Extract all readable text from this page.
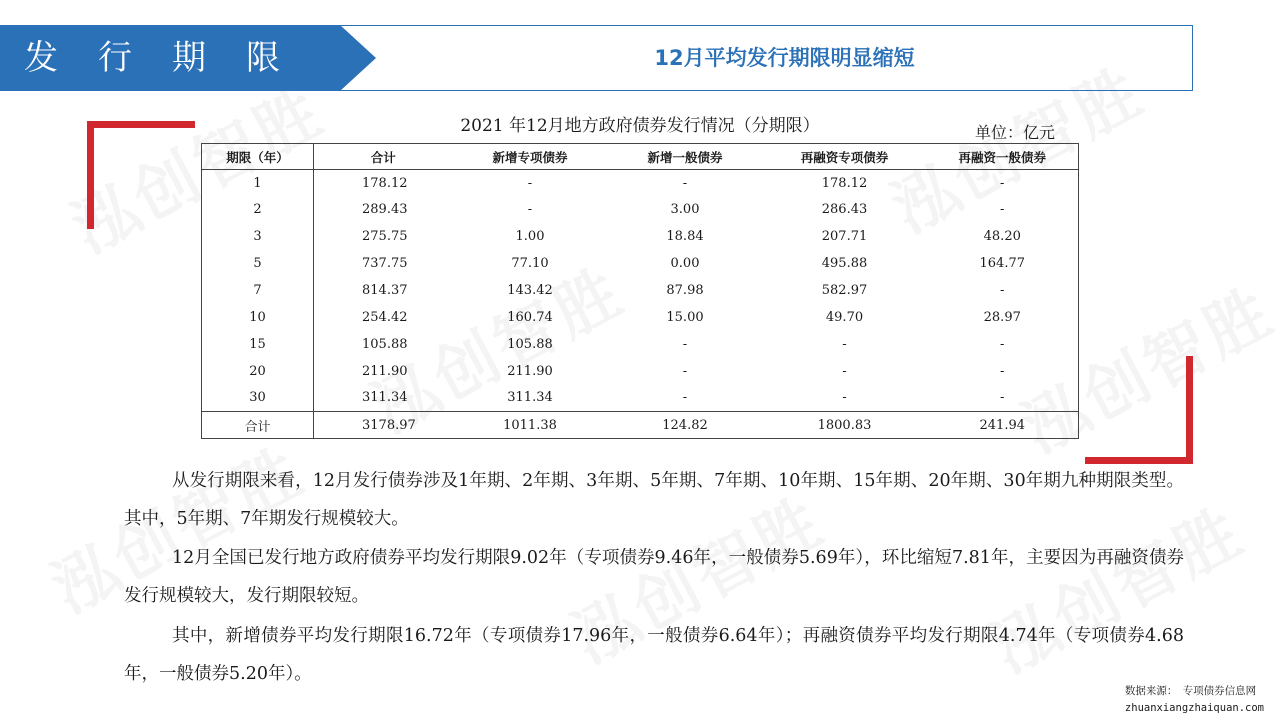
发行期限	12月平均发行期限明显缩短
2021 年12月地方政府债券发行情况（分期限）	单位：亿元
期限（年）	合计	新增专项债券	新增一般债券	再融资专项债券	再融资一般债券
1	178.12	-	-	178.12	-
2	289.43	-	3.00	286.43	-
3	275.75	1.00	18.84	207.71	48.20
5	737.75	77.10	0.00	495.88	164.77
7	814.37	143.42	87.98	582.97	-
10	254.42	160.74	15.00	49.70	28.97
15	105.88	105.88	-	-	-
20	211.90	211.90	-	-	-
30	311.34	311.34	-	-	-
合计	3178.97	1011.38	124.82	1800.83	241.94

从发行期限来看，12月发行债券涉及1年期、2年期、3年期、5年期、7年期、10年期、15年期、20年期、30年期九种期限类型。其中，5年期、7年期发行规模较大。

12月全国已发行地方政府债券平均发行期限9.02年（专项债券9.46年，一般债券5.69年），环比缩短7.81年，主要因为再融资债券发行规模较大，发行期限较短。

其中，新增债券平均发行期限16.72年（专项债券17.96年，一般债券6.64年）；再融资债券平均发行期限4.74年（专项债券4.68年，一般债券5.20年）。

数据来源：　专项债券信息网
zhuanxiangzhaiquan.com
